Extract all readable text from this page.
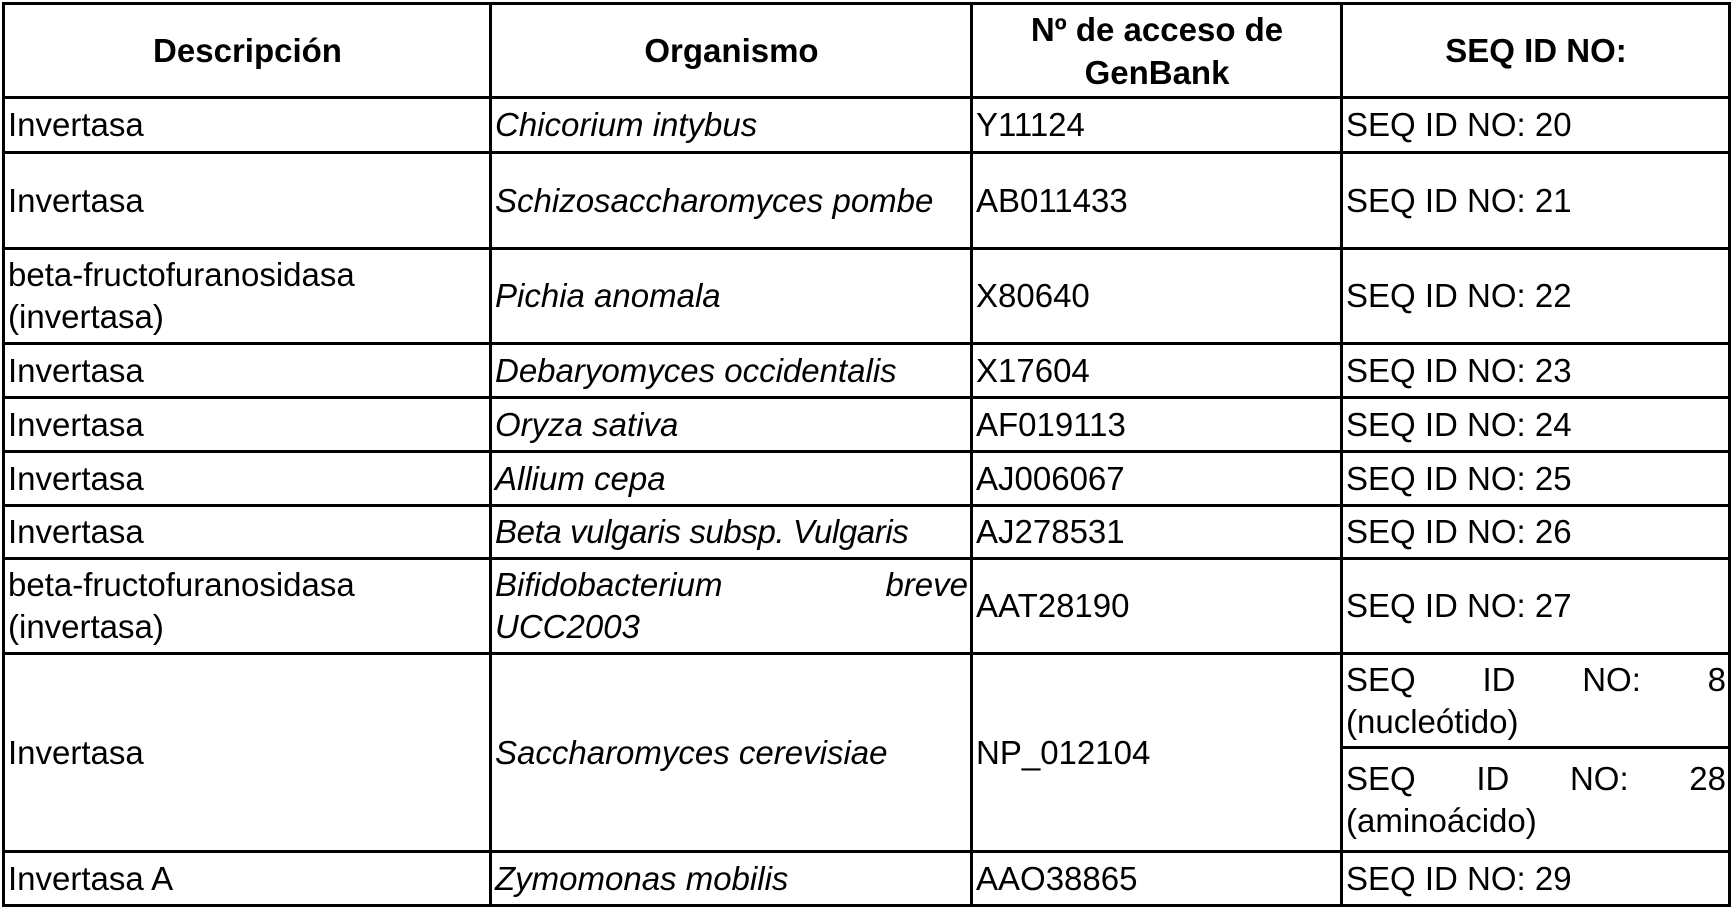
Descripción	Organismo	Nº de acceso de GenBank	SEQ ID NO:
Invertasa	Chicorium intybus	Y11124	SEQ ID NO: 20
Invertasa	Schizosaccharomyces pombe	AB011433	SEQ ID NO: 21
beta-fructofuranosidasa (invertasa)	Pichia anomala	X80640	SEQ ID NO: 22
Invertasa	Debaryomyces occidentalis	X17604	SEQ ID NO: 23
Invertasa	Oryza sativa	AF019113	SEQ ID NO: 24
Invertasa	Allium cepa	AJ006067	SEQ ID NO: 25
Invertasa	Beta vulgaris subsp. Vulgaris	AJ278531	SEQ ID NO: 26
beta-fructofuranosidasa (invertasa)	Bifidobacterium breve UCC2003	AAT28190	SEQ ID NO: 27
Invertasa	Saccharomyces cerevisiae	NP_012104	SEQ ID NO: 8 (nucleótido)
SEQ ID NO: 28 (aminoácido)
Invertasa A	Zymomonas mobilis	AAO38865	SEQ ID NO: 29
